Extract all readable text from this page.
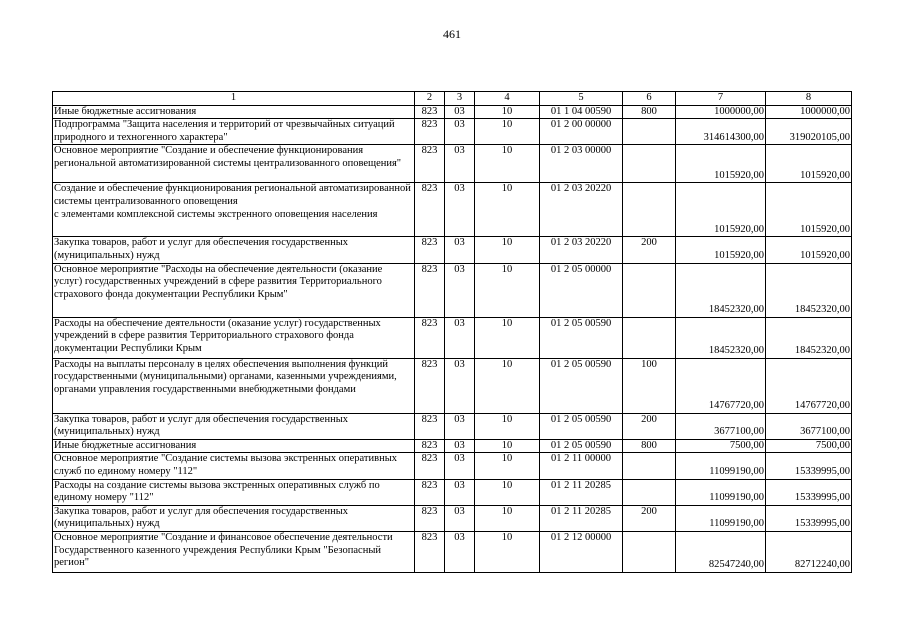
461
1	2	3	4	5	6	7	8
Иные бюджетные ассигнования	823	03	10	01 1 04 00590	800	1000000,00	1000000,00
Подпрограмма "Защита населения и территорий от чрезвычайных ситуаций природного и техногенного характера"	823	03	10	01 2 00 00000		314614300,00	319020105,00
Основное мероприятие "Создание и обеспечение функционирования региональной автоматизированной системы централизованного оповещения"	823	03	10	01 2 03 00000		1015920,00	1015920,00
Создание и обеспечение функционирования региональной автоматизированной системы централизованного оповещения
с элементами комплексной системы экстренного оповещения населения	823	03	10	01 2 03 20220		1015920,00	1015920,00
Закупка товаров, работ и услуг для обеспечения государственных (муниципальных) нужд	823	03	10	01 2 03 20220	200	1015920,00	1015920,00
Основное мероприятие "Расходы на обеспечение деятельности (оказание услуг) государственных учреждений в сфере развития Территориального страхового фонда документации Республики Крым"	823	03	10	01 2 05 00000		18452320,00	18452320,00
Расходы на обеспечение деятельности (оказание услуг) государственных учреждений в сфере развития Территориального страхового фонда документации Республики Крым	823	03	10	01 2 05 00590		18452320,00	18452320,00
Расходы на выплаты персоналу в целях обеспечения выполнения функций государственными (муниципальными) органами, казенными учреждениями, органами управления государственными внебюджетными фондами	823	03	10	01 2 05 00590	100	14767720,00	14767720,00
Закупка товаров, работ и услуг для обеспечения государственных (муниципальных) нужд	823	03	10	01 2 05 00590	200	3677100,00	3677100,00
Иные бюджетные ассигнования	823	03	10	01 2 05 00590	800	7500,00	7500,00
Основное мероприятие "Создание системы вызова экстренных оперативных служб по единому номеру "112"	823	03	10	01 2 11 00000		11099190,00	15339995,00
Расходы на создание системы вызова экстренных оперативных служб по единому номеру "112"	823	03	10	01 2 11 20285		11099190,00	15339995,00
Закупка товаров, работ и услуг для обеспечения государственных (муниципальных) нужд	823	03	10	01 2 11 20285	200	11099190,00	15339995,00
Основное мероприятие "Создание и финансовое обеспечение деятельности Государственного казенного учреждения Республики Крым "Безопасный регион"	823	03	10	01 2 12 00000		82547240,00	82712240,00
